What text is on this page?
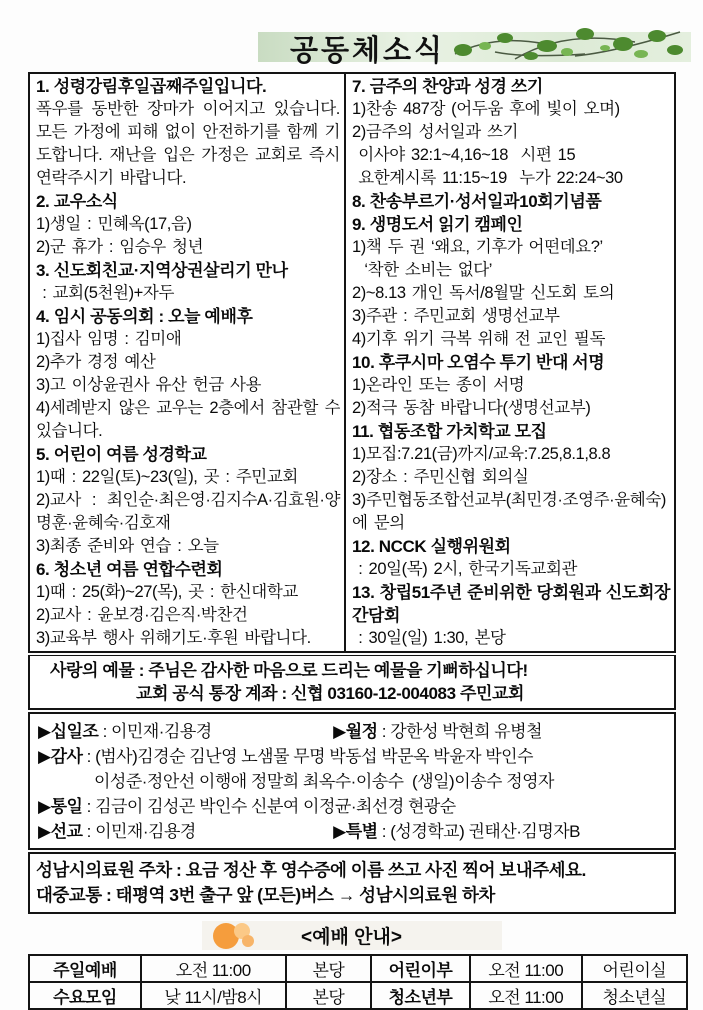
공동체소식
1. 성령강림후일곱째주일입니다.
폭우를 동반한 장마가 이어지고 있습니다. 모든 가정에 피해 없이 안전하기를 함께 기도합니다. 재난을 입은 가정은 교회로 즉시 연락주시기 바랍니다.
2. 교우소식
1)생일 : 민혜옥(17,음)
2)군 휴가 : 임승우 청년
3. 신도회친교·지역상권살리기 만나
: 교회(5천원)+자두
4. 임시 공동의회 : 오늘 예배후
1)집사 임명 : 김미애
2)추가 경정 예산
3)고 이상윤권사 유산 헌금 사용
4)세례받지 않은 교우는 2층에서 참관할 수 있습니다.
5. 어린이 여름 성경학교
1)때 : 22일(토)~23(일), 곳 : 주민교회
2)교사 : 최인순·최은영·김지수A·김효원·양명훈·윤혜숙·김호재
3)최종 준비와 연습 : 오늘
6. 청소년 여름 연합수련회
1)때 : 25(화)~27(목), 곳 : 한신대학교
2)교사 : 윤보경·김은직·박찬건
3)교육부 행사 위해기도·후원 바랍니다.
7. 금주의 찬양과 성경 쓰기
1)찬송 487장 (어두움 후에 빛이 오며)
2)금주의 성서일과 쓰기
이사야 32:1~4,16~18  시편 15
요한계시록 11:15~19  누가 22:24~30
8. 찬송부르기·성서일과10회기념품
9. 생명도서 읽기 캠페인
1)책 두 권 ‘왜요, 기후가 어떤데요?’
‘착한 소비는 없다’
2)~8.13 개인 독서/8월말 신도회 토의
3)주관 : 주민교회 생명선교부
4)기후 위기 극복 위해 전 교인 필독
10. 후쿠시마 오염수 투기 반대 서명
1)온라인 또는 종이 서명
2)적극 동참 바랍니다(생명선교부)
11. 협동조합 가치학교 모집
1)모집:7.21(금)까지/교육:7.25,8.1,8.8
2)장소 : 주민신협 회의실
3)주민협동조합선교부(최민경·조영주·윤혜숙)에 문의
12. NCCK 실행위원회
: 20일(목) 2시, 한국기독교회관
13. 창립51주년 준비위한 당회원과 신도회장 간담회
: 30일(일) 1:30, 본당
사랑의 예물 : 주님은 감사한 마음으로 드리는 예물을 기뻐하십니다!
교회 공식 통장 계좌 : 신협 03160-12-004083 주민교회
▶십일조 : 이민재·김용경	▶월정 : 강한성 박현희 유병철
▶감사 : (범사)김경순 김난영 노샘물 무명 박동섭 박문옥 박윤자 박인수
이성준·정안선 이행애 정말희 최옥수·이송수  (생일)이송수 정영자
▶통일 : 김금이 김성곤 박인수 신분여 이정균·최선경 현광순
▶선교 : 이민재·김용경	▶특별 : (성경학교) 권태산·김명자B
성남시의료원 주차 : 요금 정산 후 영수증에 이름 쓰고 사진 찍어 보내주세요.
대중교통 : 태평역 3번 출구 앞 (모든)버스 → 성남시의료원 하차
<예배 안내>
주일예배	오전 11:00	본당	어린이부	오전 11:00	어린이실
수요모임	낮 11시/밤8시	본당	청소년부	오전 11:00	청소년실
